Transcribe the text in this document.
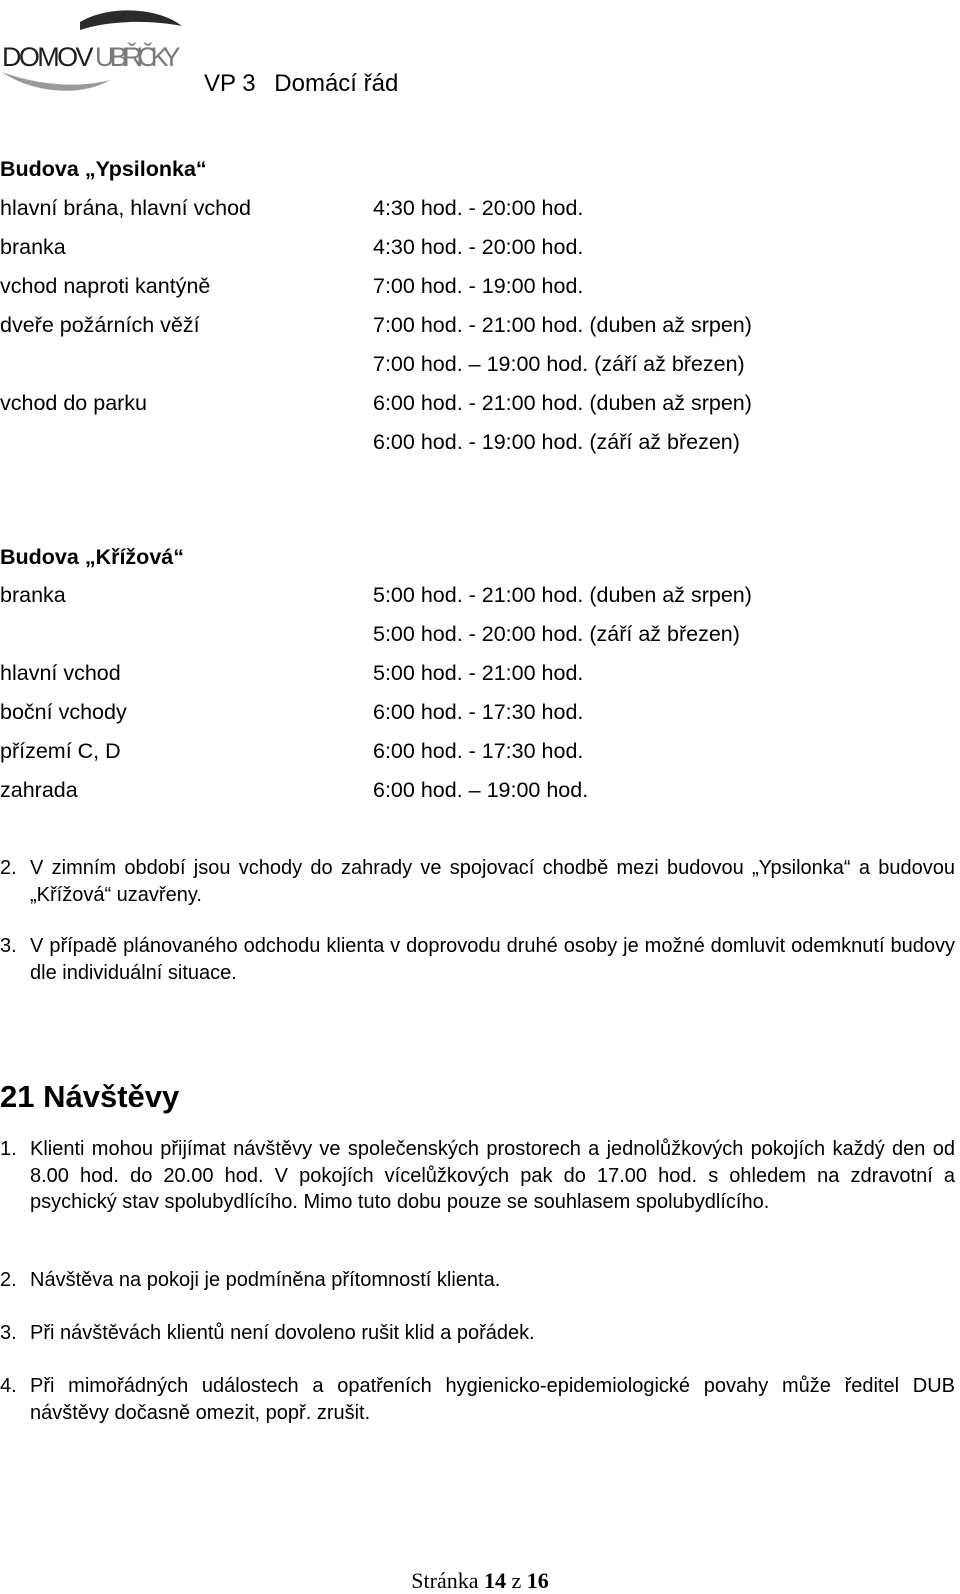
DOMOV U BIŘIČKY
VP 3 Domácí řád
Budova „Ypsilonka“
hlavní brána, hlavní vchod	4:30 hod. - 20:00 hod.
branka	4:30 hod. - 20:00 hod.
vchod naproti kantýně	7:00 hod. - 19:00 hod.
dveře požárních věží	7:00 hod. - 21:00 hod. (duben až srpen)
7:00 hod. – 19:00 hod. (září až březen)
vchod do parku	6:00 hod. - 21:00 hod. (duben až srpen)
6:00 hod. - 19:00 hod. (září až březen)
Budova „Křížová“
branka	5:00 hod. - 21:00 hod. (duben až srpen)
5:00 hod. - 20:00 hod. (září až březen)
hlavní vchod	5:00 hod. - 21:00 hod.
boční vchody	6:00 hod. - 17:30 hod.
přízemí C, D	6:00 hod. - 17:30 hod.
zahrada	6:00 hod. – 19:00 hod.
2. V zimním období jsou vchody do zahrady ve spojovací chodbě mezi budovou „Ypsilonka“ a budovou „Křížová“ uzavřeny.
3. V případě plánovaného odchodu klienta v doprovodu druhé osoby je možné domluvit odemknutí budovy dle individuální situace.
21 Návštěvy
1. Klienti mohou přijímat návštěvy ve společenských prostorech a jednolůžkových pokojích každý den od 8.00 hod. do 20.00 hod. V pokojích vícelůžkových pak do 17.00 hod. s ohledem na zdravotní a psychický stav spolubydlícího. Mimo tuto dobu pouze se souhlasem spolubydlícího.
2. Návštěva na pokoji je podmíněna přítomností klienta.
3. Při návštěvách klientů není dovoleno rušit klid a pořádek.
4. Při mimořádných událostech a opatřeních hygienicko-epidemiologické povahy může ředitel DUB návštěvy dočasně omezit, popř. zrušit.
Stránka 14 z 16
